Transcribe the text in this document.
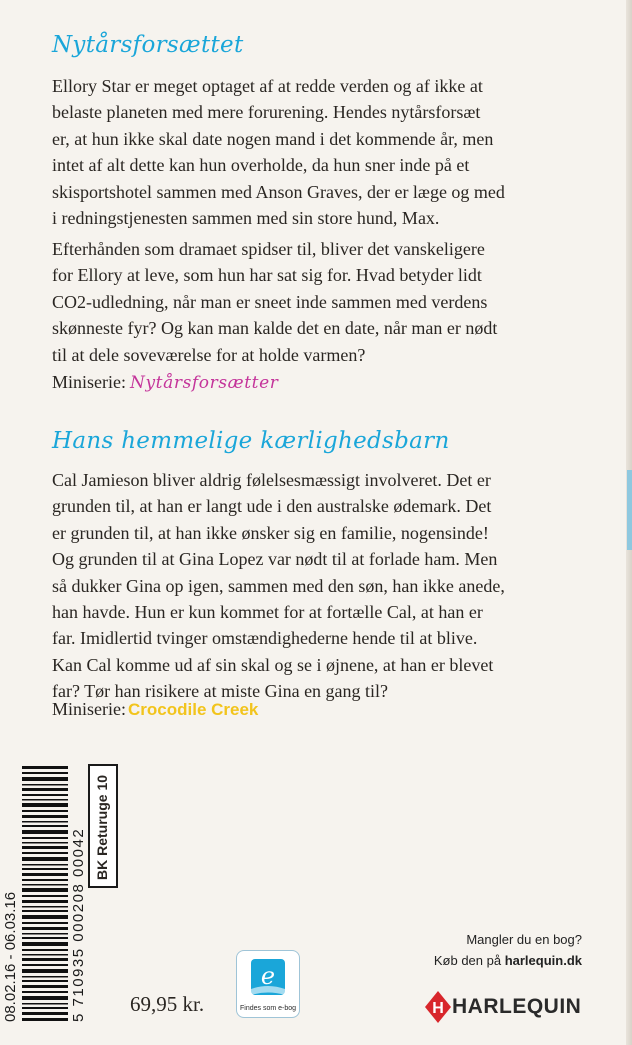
Nytårsforsættet

Ellory Star er meget optaget af at redde verden og af ikke at
belaste planeten med mere forurening. Hendes nytårsforsæt
er, at hun ikke skal date nogen mand i det kommende år, men
intet af alt dette kan hun overholde, da hun sner inde på et
skisportshotel sammen med Anson Graves, der er læge og med
i redningstjenesten sammen med sin store hund, Max.

Efterhånden som dramaet spidser til, bliver det vanskeligere
for Ellory at leve, som hun har sat sig for. Hvad betyder lidt
CO2-udledning, når man er sneet inde sammen med verdens
skønneste fyr? Og kan man kalde det en date, når man er nødt
til at dele soveværelse for at holde varmen?

Miniserie: Nytårsforsætter
Hans hemmelige kærlighedsbarn

Cal Jamieson bliver aldrig følelsesmæssigt involveret. Det er
grunden til, at han er langt ude i den australske ødemark. Det
er grunden til, at han ikke ønsker sig en familie, nogensinde!
Og grunden til at Gina Lopez var nødt til at forlade ham. Men
så dukker Gina op igen, sammen med den søn, han ikke anede,
han havde. Hun er kun kommet for at fortælle Cal, at han er
far. Imidlertid tvinger omstændighederne hende til at blive.
Kan Cal komme ud af sin skal og se i øjnene, at han er blevet
far? Tør han risikere at miste Gina en gang til?

Miniserie: Crocodile Creek
08.02.16 - 06.03.16	5 710935 000208 00042
BK Returuge 10
69,95 kr.
e
Findes som e-bog
Mangler du en bog?
Køb den på harlequin.dk
H HARLEQUIN
